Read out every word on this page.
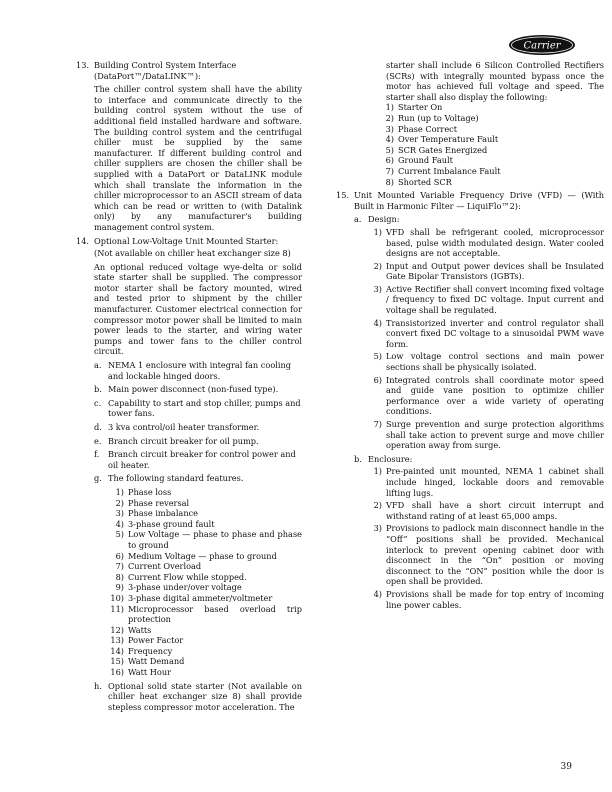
Carrier
13. Building Control System Interface (DataPort™/DataLINK™):

The chiller control system shall have the ability to interface and communicate directly to the building control system without the use of additional field installed hardware and software. The building control system and the centrifugal chiller must be supplied by the same manufacturer. If different building control and chiller suppliers are chosen the chiller shall be supplied with a DataPort or DataLINK module which shall translate the information in the chiller microprocessor to an ASCII stream of data which can be read or written to (with Datalink only) by any manufacturer's building management control system.

14. Optional Low-Voltage Unit Mounted Starter:

(Not available on chiller heat exchanger size 8)

An optional reduced voltage wye-delta or solid state starter shall be supplied. The compressor motor starter shall be factory mounted, wired and tested prior to shipment by the chiller manufacturer. Customer electrical connection for compressor motor power shall be limited to main power leads to the starter, and wiring water pumps and tower fans to the chiller control circuit.

a. NEMA 1 enclosure with integral fan cooling and lockable hinged doors.
b. Main power disconnect (non-fused type).
c. Capability to start and stop chiller, pumps and tower fans.
d. 3 kva control/oil heater transformer.
e. Branch circuit breaker for oil pump.
f.	Branch circuit breaker for control power and oil heater.
g. The following standard features.
1) Phase loss
2) Phase reversal
3) Phase imbalance
4) 3-phase ground fault
5) Low Voltage — phase to phase and phase to ground
6) Medium Voltage — phase to ground
7) Current Overload
8) Current Flow while stopped.
9) 3-phase under/over voltage
10) 3-phase digital ammeter/voltmeter
11) Microprocessor based overload trip protection
12) Watts
13) Power Factor
14) Frequency
15) Watt Demand
16) Watt Hour
h. Optional solid state starter (Not available on chiller heat exchanger size 8) shall provide stepless compressor motor acceleration. The

starter shall include 6 Silicon Controlled Rectifiers (SCRs) with integrally mounted bypass once the motor has achieved full voltage and speed. The starter shall also display the following:

1) Starter On
2) Run (up to Voltage)
3) Phase Correct
4) Over Temperature Fault
5) SCR Gates Energized
6) Ground Fault
7) Current Imbalance Fault
8) Shorted SCR
15. Unit Mounted Variable Frequency Drive (VFD) — (With Built in Harmonic Filter — LiquiFlo™2):

a. Design:
1) VFD shall be refrigerant cooled, microprocessor based, pulse width modulated design. Water cooled designs are not acceptable.
2) Input and Output power devices shall be Insulated Gate Bipolar Transistors (IGBTs).
3) Active Rectifier shall convert incoming fixed voltage / frequency to fixed DC voltage. Input current and voltage shall be regulated.
4) Transistorized inverter and control regulator shall convert fixed DC voltage to a sinusoidal PWM wave form.
5) Low voltage control sections and main power sections shall be physically isolated.
6) Integrated controls shall coordinate motor speed and guide vane position to optimize chiller performance over a wide variety of operating conditions.
7) Surge prevention and surge protection algorithms shall take action to prevent surge and move chiller operation away from surge.
b. Enclosure:
1) Pre-painted unit mounted, NEMA 1 cabinet shall include hinged, lockable doors and removable lifting lugs.
2) VFD shall have a short circuit interrupt and withstand rating of at least 65,000 amps.
3) Provisions to padlock main disconnect handle in the “Off” positions shall be provided. Mechanical interlock to prevent opening cabinet door with disconnect in the “On” position or moving disconnect to the “ON” position while the door is open shall be provided.
4) Provisions shall be made for top entry of incoming line power cables.
39
